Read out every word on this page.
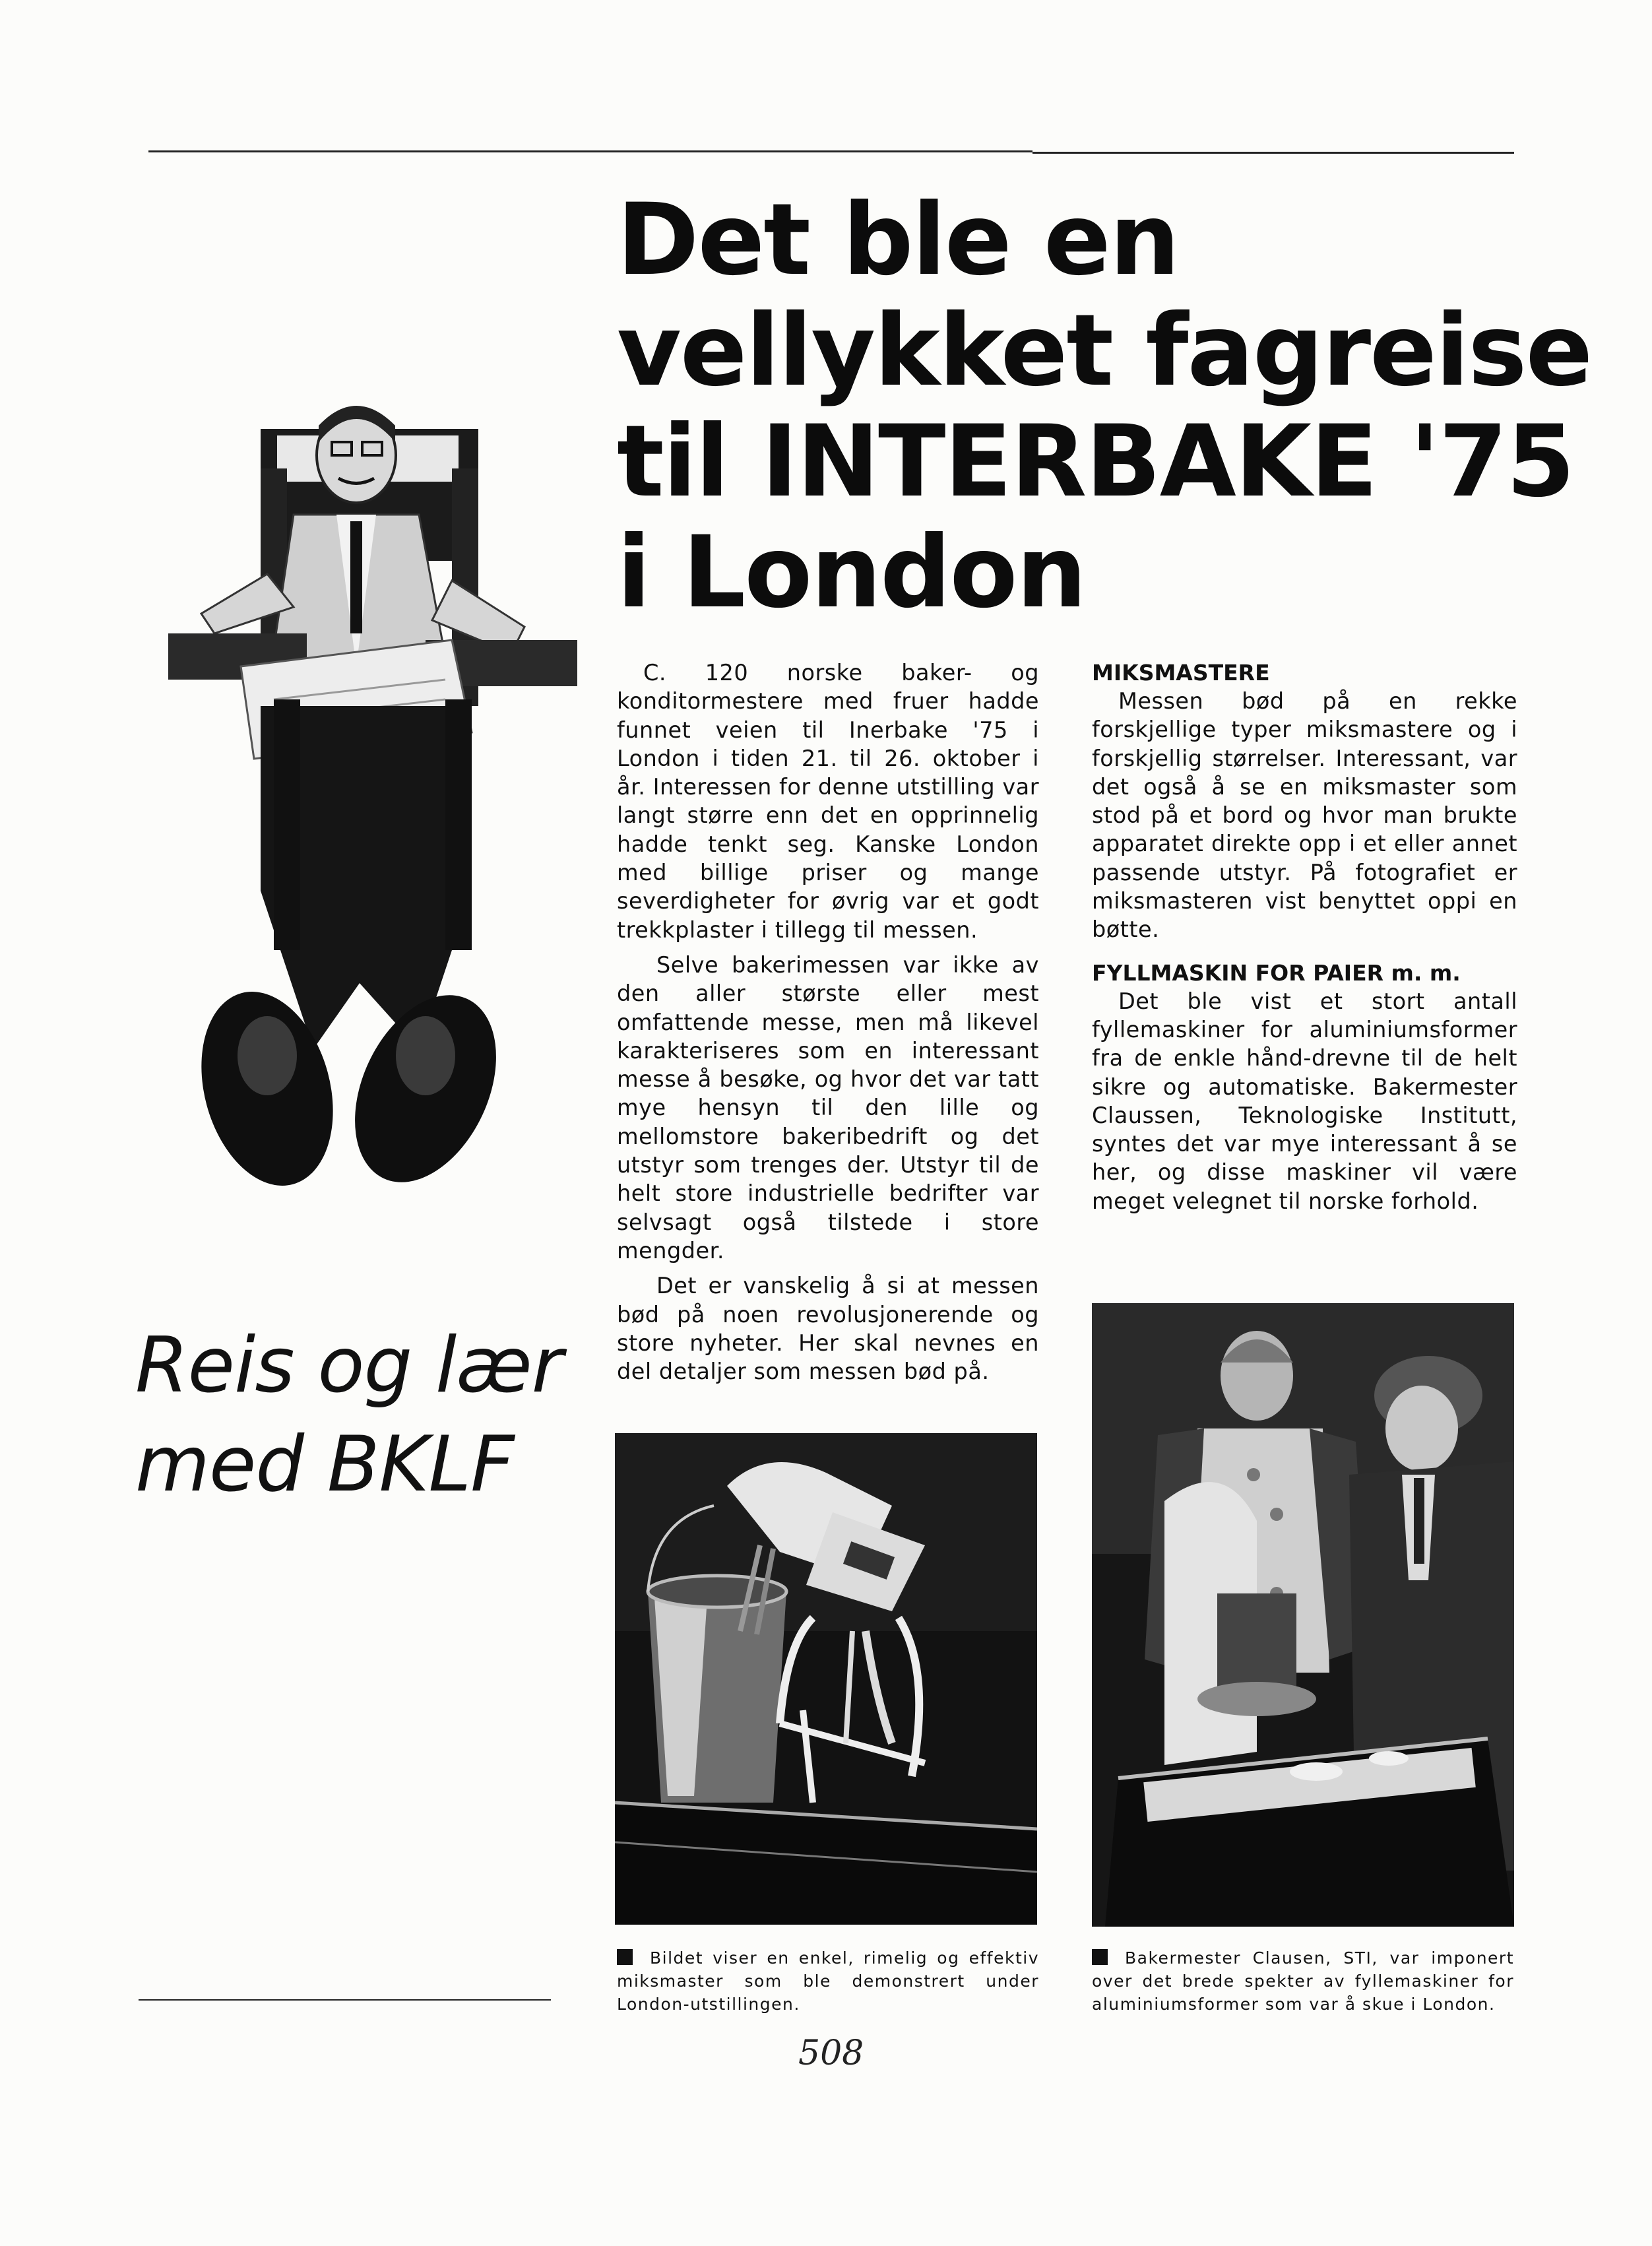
Det ble en
vellykket fagreise
til INTERBAKE '75
i London
Reis og lær
med BKLF

C. 120 norske baker- og konditormestere med fruer hadde funnet veien til Inerbake '75 i London i tiden 21. til 26. oktober i år. Interessen for denne utstilling var langt større enn det en opprinnelig hadde tenkt seg. Kanske London med billige priser og mange severdigheter for øvrig var et godt trekkplaster i tillegg til messen.

Selve bakerimessen var ikke av den aller største eller mest omfattende messe, men må likevel karakteriseres som en interessant messe å besøke, og hvor det var tatt mye hensyn til den lille og mellomstore bakeribedrift og det utstyr som trenges der. Utstyr til de helt store industrielle bedrifter var selvsagt også tilstede i store mengder.

Det er vanskelig å si at messen bød på noen revolusjonerende og store nyheter. Her skal nevnes en del detaljer som messen bød på.

MIKSMASTERE
Messen bød på en rekke forskjellige typer miksmastere og i forskjellig størrelser. Interessant, var det også å se en miksmaster som stod på et bord og hvor man brukte apparatet direkte opp i et eller annet passende utstyr. På fotografiet er miksmasteren vist benyttet oppi en bøtte.
FYLLMASKIN FOR PAIER m. m.
Det ble vist et stort antall fyllemaskiner for aluminiumsformer fra de enkle hånd-drevne til de helt sikre og automatiske. Bakermester Claussen, Teknologiske Institutt, syntes det var mye interessant å se her, og disse maskiner vil være meget velegnet til norske forhold.
Bildet viser en enkel, rimelig og effektiv miksmaster som ble demonstrert under London-utstillingen.
Bakermester Clausen, STI, var imponert over det brede spekter av fyllemaskiner for aluminiumsformer som var å skue i London.
508
